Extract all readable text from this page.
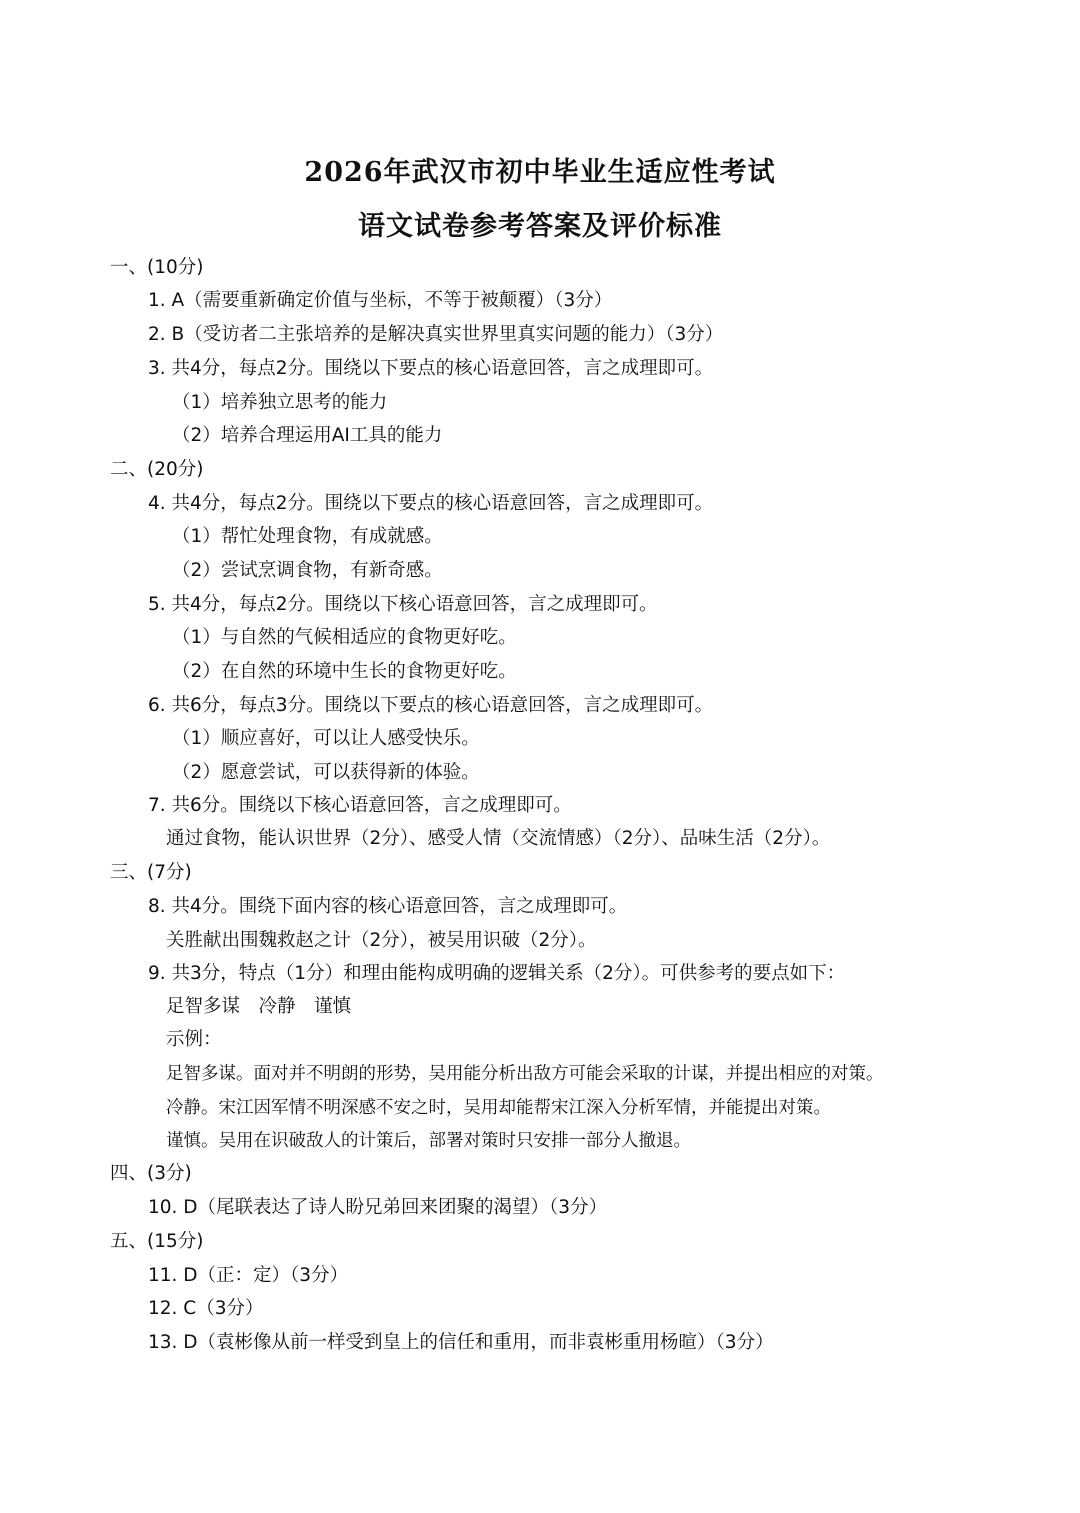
2026年武汉市初中毕业生适应性考试
语文试卷参考答案及评价标准
一、(10分)
1. A（需要重新确定价值与坐标，不等于被颠覆）（3分）
2. B（受访者二主张培养的是解决真实世界里真实问题的能力）（3分）
3. 共4分，每点2分。围绕以下要点的核心语意回答，言之成理即可。
（1）培养独立思考的能力
（2）培养合理运用AI工具的能力
二、(20分)
4. 共4分，每点2分。围绕以下要点的核心语意回答，言之成理即可。
（1）帮忙处理食物，有成就感。
（2）尝试烹调食物，有新奇感。
5. 共4分，每点2分。围绕以下核心语意回答，言之成理即可。
（1）与自然的气候相适应的食物更好吃。
（2）在自然的环境中生长的食物更好吃。
6. 共6分，每点3分。围绕以下要点的核心语意回答，言之成理即可。
（1）顺应喜好，可以让人感受快乐。
（2）愿意尝试，可以获得新的体验。
7. 共6分。围绕以下核心语意回答，言之成理即可。
通过食物，能认识世界（2分）、感受人情（交流情感）（2分）、品味生活（2分）。
三、(7分)
8. 共4分。围绕下面内容的核心语意回答，言之成理即可。
关胜献出围魏救赵之计（2分），被吴用识破（2分）。
9. 共3分，特点（1分）和理由能构成明确的逻辑关系（2分）。可供参考的要点如下：
足智多谋　冷静　谨慎
示例：
足智多谋。面对并不明朗的形势，吴用能分析出敌方可能会采取的计谋，并提出相应的对策。
冷静。宋江因军情不明深感不安之时，吴用却能帮宋江深入分析军情，并能提出对策。
谨慎。吴用在识破敌人的计策后，部署对策时只安排一部分人撤退。
四、(3分)
10. D（尾联表达了诗人盼兄弟回来团聚的渴望）（3分）
五、(15分)
11. D（正：定）（3分）
12. C（3分）
13. D（袁彬像从前一样受到皇上的信任和重用，而非袁彬重用杨暄）（3分）
